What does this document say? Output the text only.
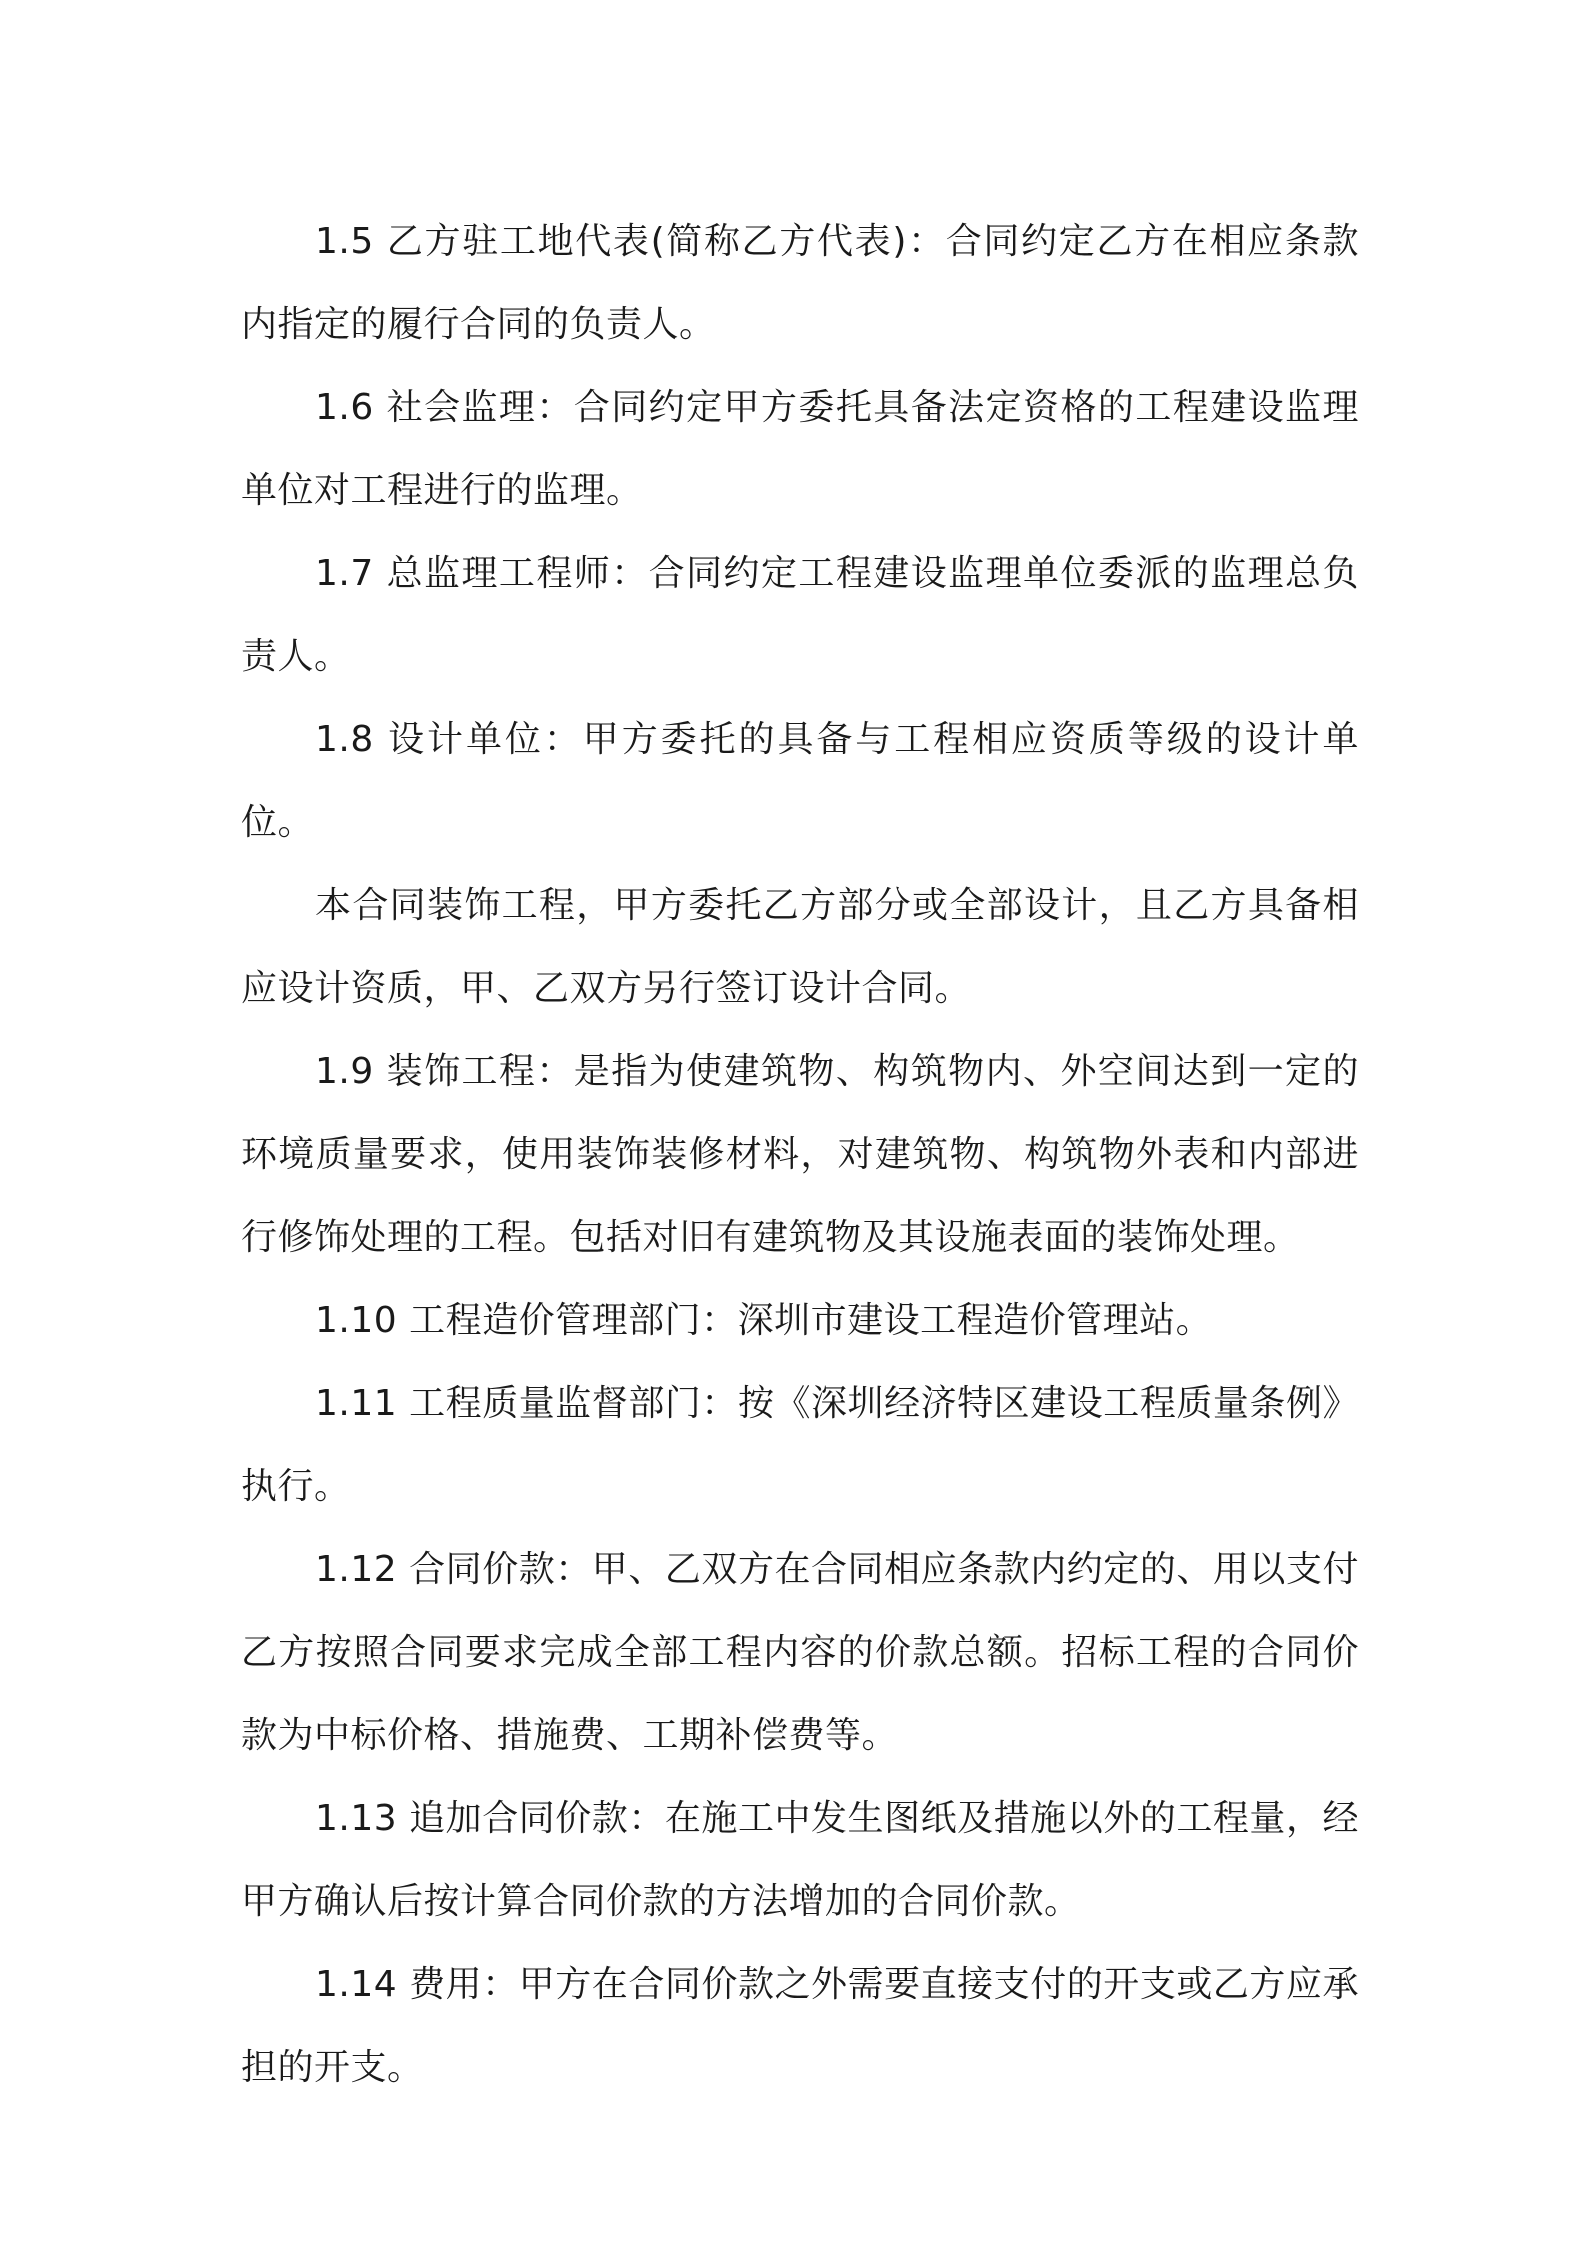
1.5 乙方驻工地代表(简称乙方代表)：合同约定乙方在相应条款内指定的履行合同的负责人。

1.6 社会监理：合同约定甲方委托具备法定资格的工程建设监理单位对工程进行的监理。

1.7 总监理工程师：合同约定工程建设监理单位委派的监理总负责人。

1.8 设计单位：甲方委托的具备与工程相应资质等级的设计单位。

本合同装饰工程，甲方委托乙方部分或全部设计，且乙方具备相应设计资质，甲、乙双方另行签订设计合同。

1.9 装饰工程：是指为使建筑物、构筑物内、外空间达到一定的环境质量要求，使用装饰装修材料，对建筑物、构筑物外表和内部进行修饰处理的工程。包括对旧有建筑物及其设施表面的装饰处理。

1.10 工程造价管理部门：深圳市建设工程造价管理站。

1.11 工程质量监督部门：按《深圳经济特区建设工程质量条例》执行。

1.12 合同价款：甲、乙双方在合同相应条款内约定的、用以支付乙方按照合同要求完成全部工程内容的价款总额。招标工程的合同价款为中标价格、措施费、工期补偿费等。

1.13 追加合同价款：在施工中发生图纸及措施以外的工程量，经甲方确认后按计算合同价款的方法增加的合同价款。

1.14 费用：甲方在合同价款之外需要直接支付的开支或乙方应承担的开支。
